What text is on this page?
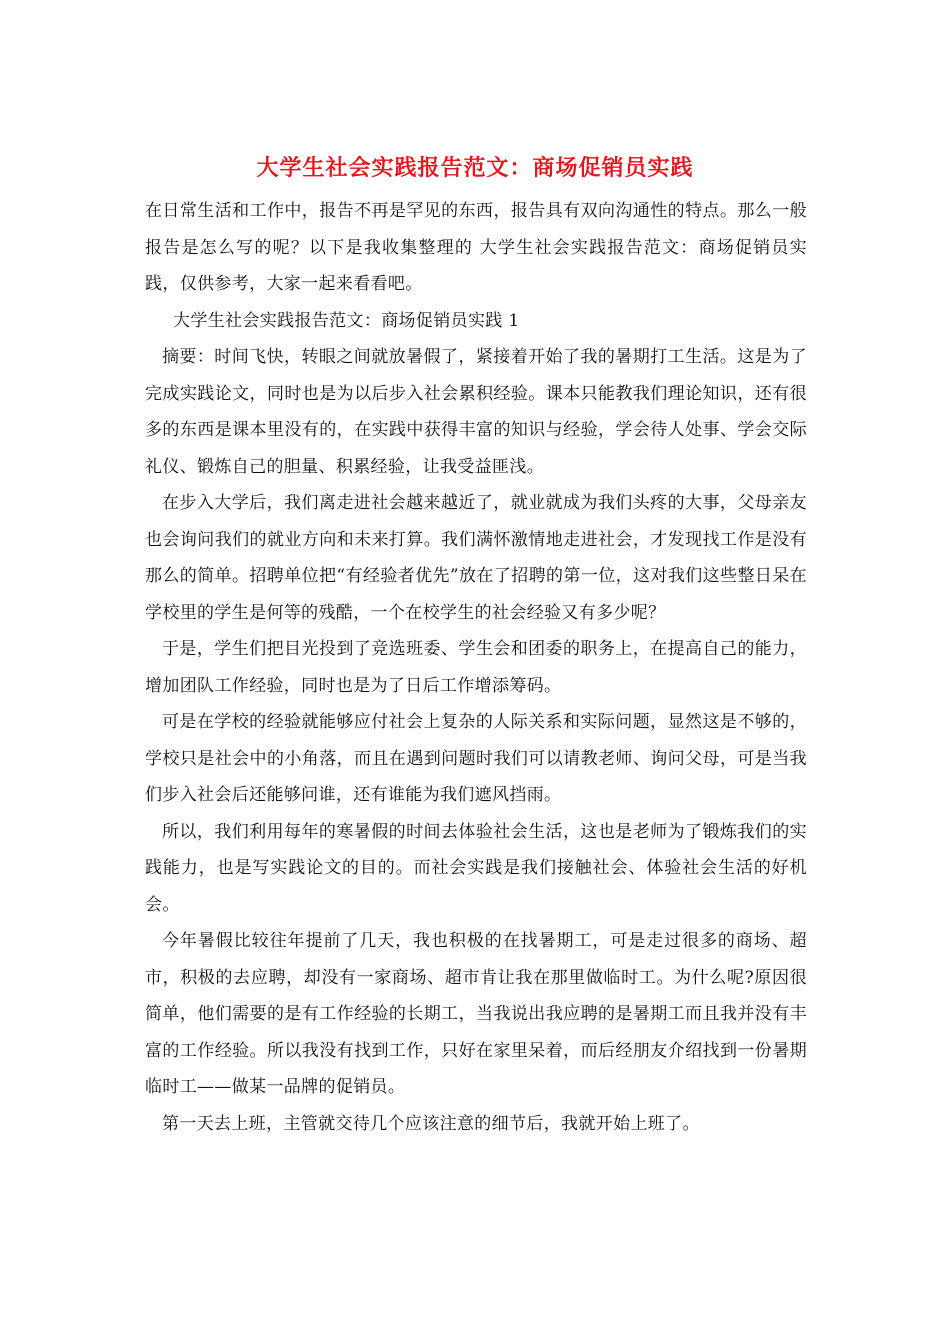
大学生社会实践报告范文：商场促销员实践

在日常生活和工作中，报告不再是罕见的东西，报告具有双向沟通性的特点。那么一般报告是怎么写的呢？以下是我收集整理的 大学生社会实践报告范文：商场促销员实践，仅供参考，大家一起来看看吧。

大学生社会实践报告范文：商场促销员实践 1

摘要：时间飞快，转眼之间就放暑假了，紧接着开始了我的暑期打工生活。这是为了完成实践论文，同时也是为以后步入社会累积经验。课本只能教我们理论知识，还有很多的东西是课本里没有的，在实践中获得丰富的知识与经验，学会待人处事、学会交际礼仪、锻炼自己的胆量、积累经验，让我受益匪浅。

在步入大学后，我们离走进社会越来越近了，就业就成为我们头疼的大事，父母亲友也会询问我们的就业方向和未来打算。我们满怀激情地走进社会，才发现找工作是没有那么的简单。招聘单位把“有经验者优先”放在了招聘的第一位，这对我们这些整日呆在学校里的学生是何等的残酷，一个在校学生的社会经验又有多少呢？

于是，学生们把目光投到了竞选班委、学生会和团委的职务上，在提高自己的能力，增加团队工作经验，同时也是为了日后工作增添筹码。

可是在学校的经验就能够应付社会上复杂的人际关系和实际问题，显然这是不够的，学校只是社会中的小角落，而且在遇到问题时我们可以请教老师、询问父母，可是当我们步入社会后还能够问谁，还有谁能为我们遮风挡雨。

所以，我们利用每年的寒暑假的时间去体验社会生活，这也是老师为了锻炼我们的实践能力，也是写实践论文的目的。而社会实践是我们接触社会、体验社会生活的好机会。

今年暑假比较往年提前了几天，我也积极的在找暑期工，可是走过很多的商场、超市，积极的去应聘，却没有一家商场、超市肯让我在那里做临时工。为什么呢?原因很简单，他们需要的是有工作经验的长期工，当我说出我应聘的是暑期工而且我并没有丰富的工作经验。所以我没有找到工作，只好在家里呆着，而后经朋友介绍找到一份暑期临时工——做某一品牌的促销员。

第一天去上班，主管就交待几个应该注意的细节后，我就开始上班了。
